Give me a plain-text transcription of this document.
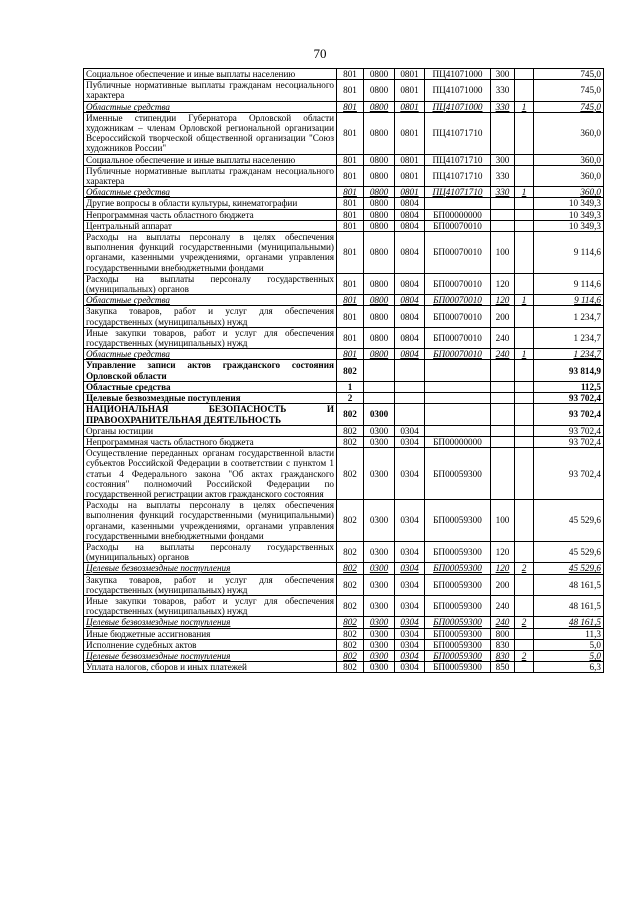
70
Социальное обеспечение и иные выплаты населению	801	0800	0801	ПЦ41071000	300		745,0
Публичные нормативные выплаты гражданам несоциального характера	801	0800	0801	ПЦ41071000	330		745,0
Областные средства	801	0800	0801	ПЦ41071000	330	1	745,0
Именные стипендии Губернатора Орловской области художникам – членам Орловской региональной организации Всероссийской творческой общественной организации "Союз художников России"	801	0800	0801	ПЦ41071710			360,0
Социальное обеспечение и иные выплаты населению	801	0800	0801	ПЦ41071710	300		360,0
Публичные нормативные выплаты гражданам несоциального характера	801	0800	0801	ПЦ41071710	330		360,0
Областные средства	801	0800	0801	ПЦ41071710	330	1	360,0
Другие вопросы в области культуры, кинематографии	801	0800	0804				10 349,3
Непрограммная часть областного бюджета	801	0800	0804	БП00000000			10 349,3
Центральный аппарат	801	0800	0804	БП00070010			10 349,3
Расходы на выплаты персоналу в целях обеспечения выполнения функций государственными (муниципальными) органами, казенными учреждениями, органами управления государственными внебюджетными фондами	801	0800	0804	БП00070010	100		9 114,6
Расходы на выплаты персоналу государственных (муниципальных) органов	801	0800	0804	БП00070010	120		9 114,6
Областные средства	801	0800	0804	БП00070010	120	1	9 114,6
Закупка товаров, работ и услуг для обеспечения государственных (муниципальных) нужд	801	0800	0804	БП00070010	200		1 234,7
Иные закупки товаров, работ и услуг для обеспечения государственных (муниципальных) нужд	801	0800	0804	БП00070010	240		1 234,7
Областные средства	801	0800	0804	БП00070010	240	1	1 234,7
Управление записи актов гражданского состояния Орловской области	802						93 814,9
Областные средства	1						112,5
Целевые безвозмездные поступления	2						93 702,4
НАЦИОНАЛЬНАЯ БЕЗОПАСНОСТЬ И ПРАВООХРАНИТЕЛЬНАЯ ДЕЯТЕЛЬНОСТЬ	802	0300					93 702,4
Органы юстиции	802	0300	0304				93 702,4
Непрограммная часть областного бюджета	802	0300	0304	БП00000000			93 702,4
Осуществление переданных органам государственной власти субъектов Российской Федерации в соответствии с пунктом 1 статьи 4 Федерального закона "Об актах гражданского состояния" полномочий Российской Федерации по государственной регистрации актов гражданского состояния	802	0300	0304	БП00059300			93 702,4
Расходы на выплаты персоналу в целях обеспечения выполнения функций государственными (муниципальными) органами, казенными учреждениями, органами управления государственными внебюджетными фондами	802	0300	0304	БП00059300	100		45 529,6
Расходы на выплаты персоналу государственных (муниципальных) органов	802	0300	0304	БП00059300	120		45 529,6
Целевые безвозмездные поступления	802	0300	0304	БП00059300	120	2	45 529,6
Закупка товаров, работ и услуг для обеспечения государственных (муниципальных) нужд	802	0300	0304	БП00059300	200		48 161,5
Иные закупки товаров, работ и услуг для обеспечения государственных (муниципальных) нужд	802	0300	0304	БП00059300	240		48 161,5
Целевые безвозмездные поступления	802	0300	0304	БП00059300	240	2	48 161,5
Иные бюджетные ассигнования	802	0300	0304	БП00059300	800		11,3
Исполнение судебных актов	802	0300	0304	БП00059300	830		5,0
Целевые безвозмездные поступления	802	0300	0304	БП00059300	830	2	5,0
Уплата налогов, сборов и иных платежей	802	0300	0304	БП00059300	850		6,3
